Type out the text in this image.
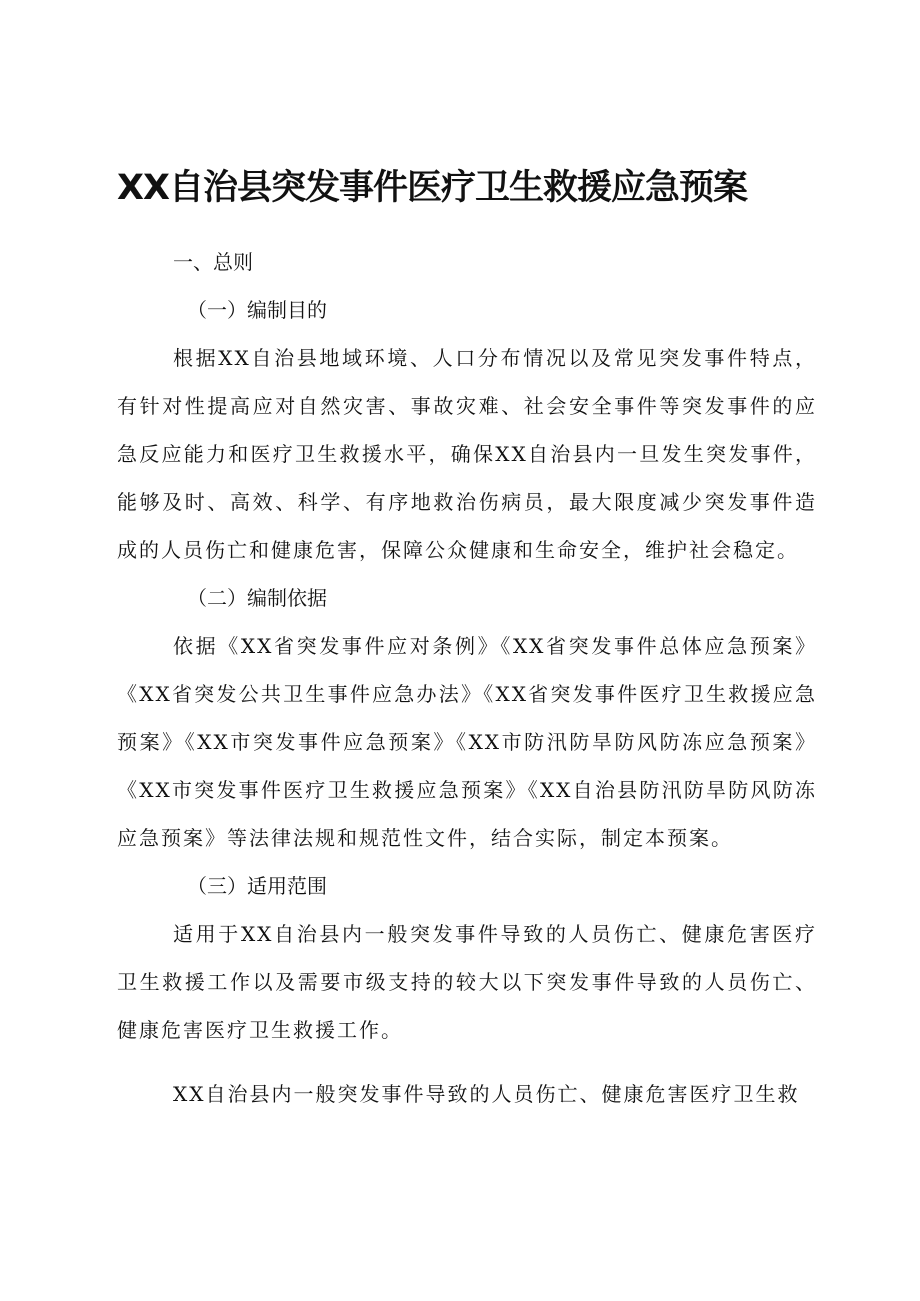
XX自治县突发事件医疗卫生救援应急预案

一、总则

（一）编制目的

根据XX自治县地域环境、人口分布情况以及常见突发事件特点，有针对性提高应对自然灾害、事故灾难、社会安全事件等突发事件的应急反应能力和医疗卫生救援水平，确保XX自治县内一旦发生突发事件，能够及时、高效、科学、有序地救治伤病员，最大限度减少突发事件造成的人员伤亡和健康危害，保障公众健康和生命安全，维护社会稳定。

（二）编制依据

依据《XX省突发事件应对条例》《XX省突发事件总体应急预案》《XX省突发公共卫生事件应急办法》《XX省突发事件医疗卫生救援应急预案》《XX市突发事件应急预案》《XX市防汛防旱防风防冻应急预案》《XX市突发事件医疗卫生救援应急预案》《XX自治县防汛防旱防风防冻应急预案》等法律法规和规范性文件，结合实际，制定本预案。

（三）适用范围

适用于XX自治县内一般突发事件导致的人员伤亡、健康危害医疗卫生救援工作以及需要市级支持的较大以下突发事件导致的人员伤亡、健康危害医疗卫生救援工作。

XX自治县内一般突发事件导致的人员伤亡、健康危害医疗卫生救
